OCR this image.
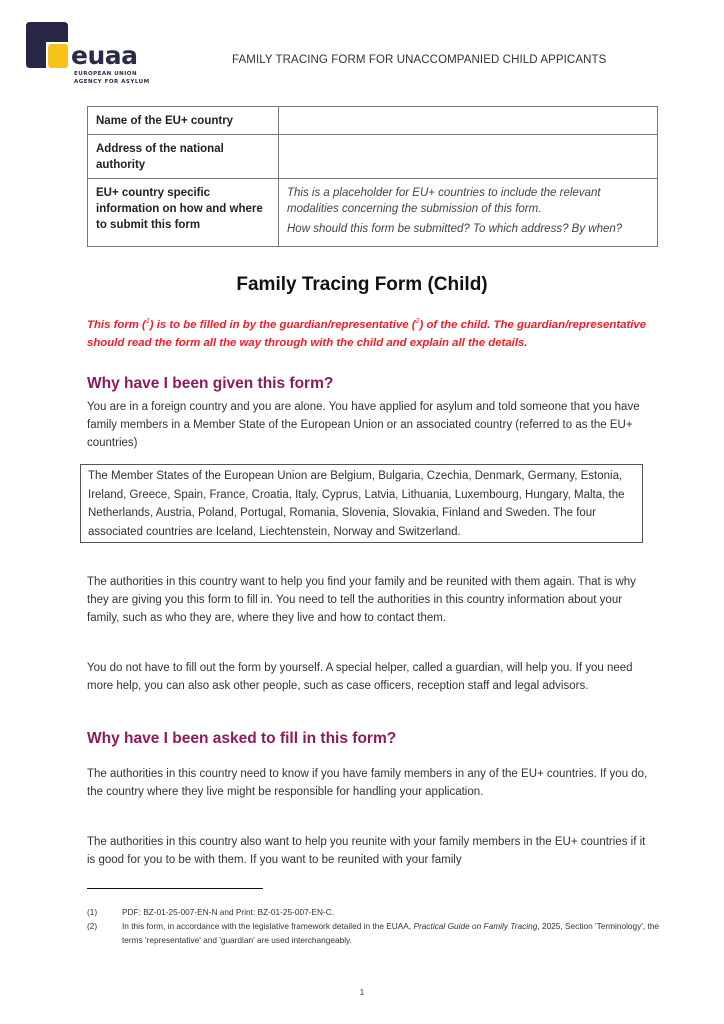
euaa
EUROPEAN UNION
AGENCY FOR ASYLUM
FAMILY TRACING FORM FOR UNACCOMPANIED CHILD APPICANTS
Name of the EU+ country	
Address of the national authority	
EU+ country specific information on how and where to submit this form	This is a placeholder for EU+ countries to include the relevant modalities concerning the submission of this form.

How should this form be submitted? To which address? By when?

Family Tracing Form (Child)
This form ($^1$) is to be filled in by the guardian/representative ($^2$) of the child. The guardian/representative should read the form all the way through with the child and explain all the details.
Why have I been given this form?

You are in a foreign country and you are alone. You have applied for asylum and told someone that you have family members in a Member State of the European Union or an associated country (referred to as the EU+ countries)

The Member States of the European Union are Belgium, Bulgaria, Czechia, Denmark, Germany, Estonia, Ireland, Greece, Spain, France, Croatia, Italy, Cyprus, Latvia, Lithuania, Luxembourg, Hungary, Malta, the Netherlands, Austria, Poland, Portugal, Romania, Slovenia, Slovakia, Finland and Sweden. The four associated countries are Iceland, Liechtenstein, Norway and Switzerland.

The authorities in this country want to help you find your family and be reunited with them again. That is why they are giving you this form to fill in. You need to tell the authorities in this country information about your family, such as who they are, where they live and how to contact them.

You do not have to fill out the form by yourself. A special helper, called a guardian, will help you. If you need more help, you can also ask other people, such as case officers, reception staff and legal advisors.

Why have I been asked to fill in this form?

The authorities in this country need to know if you have family members in any of the EU+ countries. If you do, the country where they live might be responsible for handling your application.

The authorities in this country also want to help you reunite with your family members in the EU+ countries if it is good for you to be with them. If you want to be reunited with your family

(1)	PDF: BZ-01-25-007-EN-N and Print: BZ-01-25-007-EN-C.
(2)	In this form, in accordance with the legislative framework detailed in the EUAA, Practical Guide on Family Tracing, 2025, Section 'Terminology', the terms 'representative' and 'guardian' are used interchangeably.
1
